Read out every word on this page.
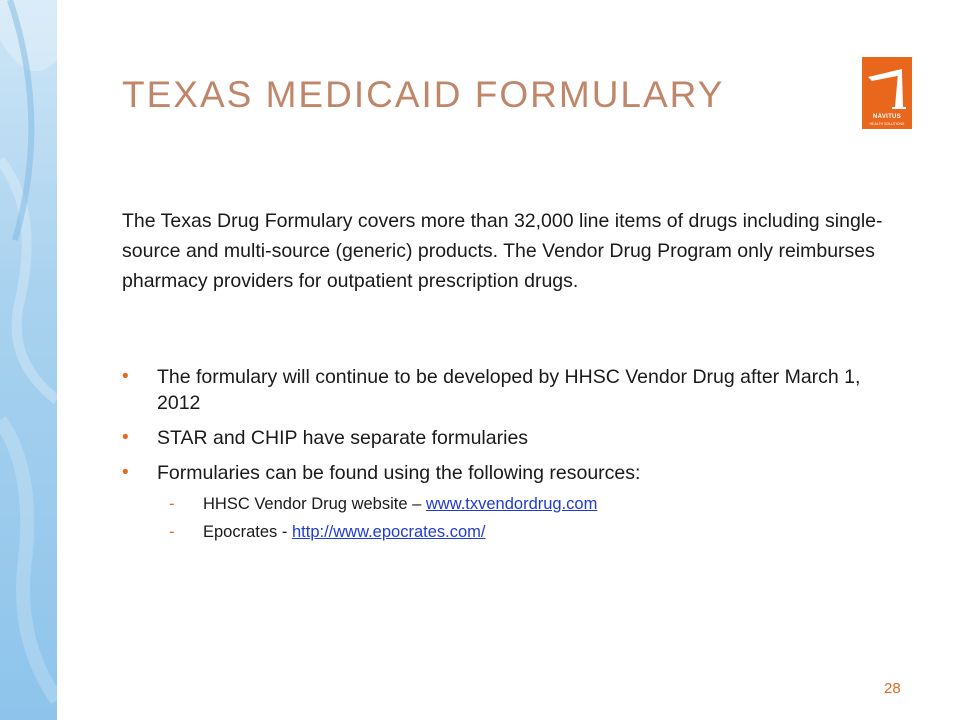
TEXAS MEDICAID FORMULARY
NAVITUS
HEALTH SOLUTIONS

The Texas Drug Formulary covers more than 32,000 line items of drugs including single-source and multi-source (generic) products. The Vendor Drug Program only reimburses pharmacy providers for outpatient prescription drugs.

• The formulary will continue to be developed by HHSC Vendor Drug after March 1, 2012
• STAR and CHIP have separate formularies
• Formularies can be found using the following resources:
- HHSC Vendor Drug website – www.txvendordrug.com
- Epocrates - http://www.epocrates.com/
28
